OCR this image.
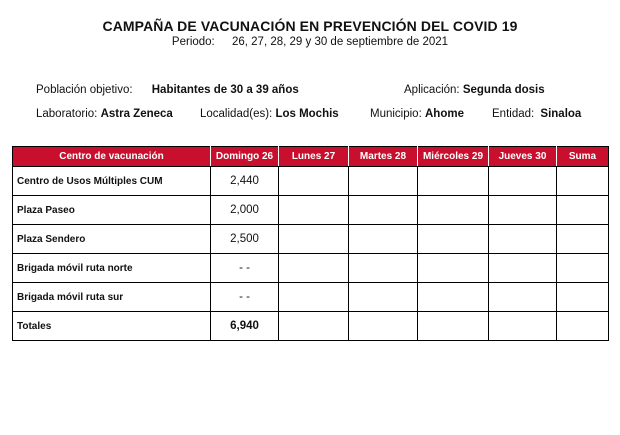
CAMPAÑA DE VACUNACIÓN EN PREVENCIÓN DEL COVID 19
Periodo: 26, 27, 28, 29 y 30 de septiembre de 2021
Población objetivo: Habitantes de 30 a 39 años	Aplicación: Segunda dosis
Laboratorio: Astra Zeneca Localidad(es): Los Mochis	Municipio: Ahome Entidad: Sinaloa
Centro de vacunación	Domingo 26	Lunes 27	Martes 28	Miércoles 29	Jueves 30	Suma
Centro de Usos Múltiples CUM	2,440					
Plaza Paseo	2,000					
Plaza Sendero	2,500					
Brigada móvil ruta norte	- -					
Brigada móvil ruta sur	- -					
Totales	6,940					
